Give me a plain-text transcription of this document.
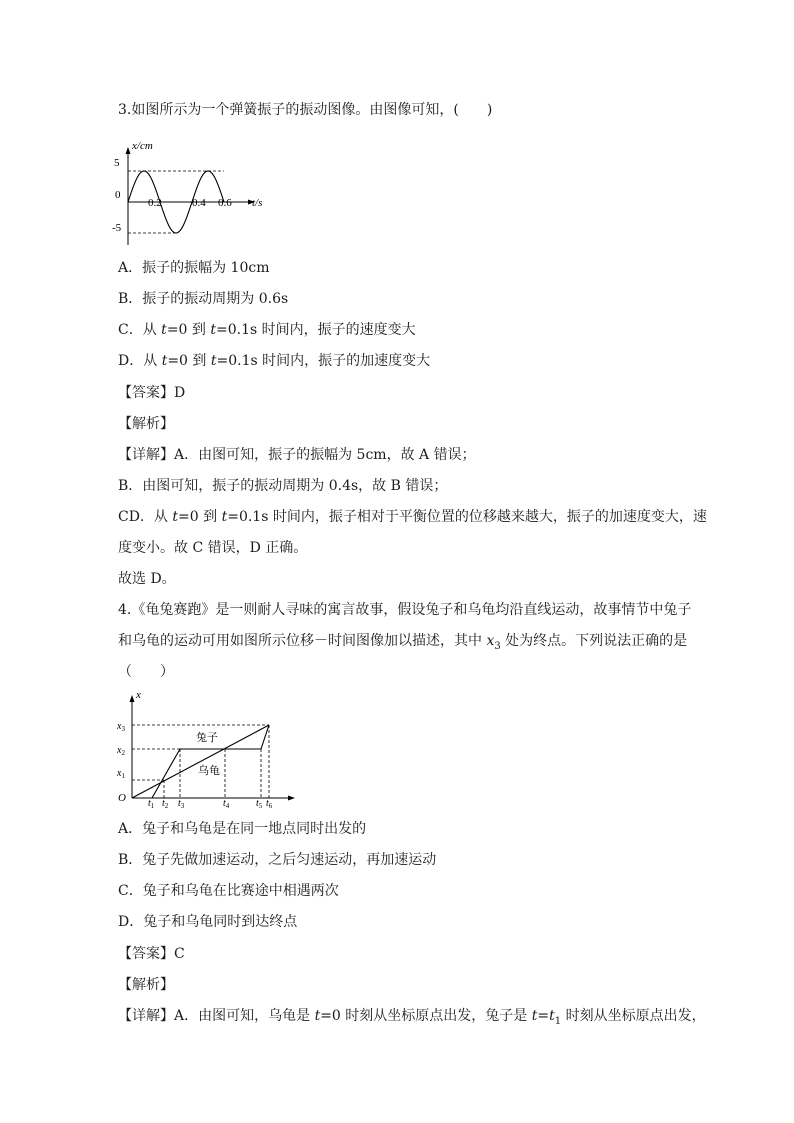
3.如图所示为一个弹簧振子的振动图像。由图像可知，(　　)
x/cm
t/s
5
0
-5
0.2	0.4 0.6
A．振子的振幅为 10cm
B．振子的振动周期为 0.6s
C．从 t=0 到 t=0.1s 时间内，振子的速度变大
D．从 t=0 到 t=0.1s 时间内，振子的加速度变大
【答案】D
【解析】
【详解】A．由图可知，振子的振幅为 5cm，故 A 错误；
B．由图可知，振子的振动周期为 0.4s，故 B 错误；
CD．从 t=0 到 t=0.1s 时间内，振子相对于平衡位置的位移越来越大，振子的加速度变大，速
度变小。故 C 错误，D 正确。
故选 D。
4.《龟兔赛跑》是一则耐人寻味的寓言故事，假设兔子和乌龟均沿直线运动，故事情节中兔子
和乌龟的运动可用如图所示位移－时间图像加以描述，其中 $x_3$ 处为终点。下列说法正确的是
（　　）
x
O
兔子
乌龟
$x_3$
$x_2$
$x_1$
$t_1$ $t_2$ $t_3$	$t_4$	$t_5$ $t_6$
A．兔子和乌龟是在同一地点同时出发的
B．兔子先做加速运动，之后匀速运动，再加速运动
C．兔子和乌龟在比赛途中相遇两次
D．兔子和乌龟同时到达终点
【答案】C
【解析】
【详解】A．由图可知，乌龟是 t=0 时刻从坐标原点出发，兔子是 $t=t_1$ 时刻从坐标原点出发，
